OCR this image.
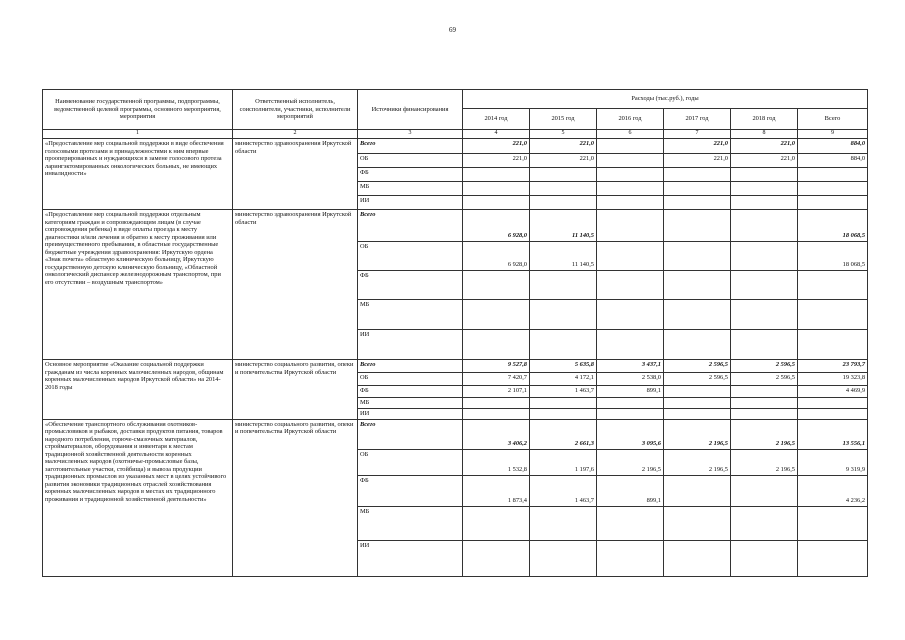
69
Наименование государственной программы, подпрограммы, ведомственной целевой программы, основного мероприятия, мероприятия	Ответственный исполнитель, соисполнители, участники, исполнители мероприятий	Источники финансирования	Расходы (тыс.руб.), годы					
			2014 год	2015 год	2016 год	2017 год	2018 год	Всего
1	2	3	4	5	6	7	8	9
«Предоставление мер социальной поддержки в виде обеспечения голосовыми протезами и принадлежностями к ним впервые прооперированных и нуждающихся в замене голосового протеза ларингэктомированных онкологических больных, не имеющих инвалидности»	министерство здравоохранения Иркутской области	Всего	221,0	221,0		221,0	221,0	884,0
		ОБ	221,0	221,0		221,0	221,0	884,0
		ФБ						
		МБ						
		ИИ						
«Предоставление мер социальной поддержки отдельным категориям граждан и сопровождающим лицам (в случае сопровождения ребенка) в виде оплаты проезда к месту диагностики и/или лечения и обратно к месту проживания или преимущественного пребывания, в областные государственные бюджетные учреждения здравоохранения: Иркутскую ордена «Знак почета» областную клиническую больницу, Иркутскую государственную детскую клиническую больницу, «Областной онкологический диспансер железнодорожным транспортом, при его отсутствии – воздушным транспортом»	министерство здравоохранения Иркутской области	Всего	6 928,0	11 140,5				18 068,5
		ОБ	6 928,0	11 140,5				18 068,5
		ФБ						
		МБ						
		ИИ						
Основное мероприятие «Оказание социальной поддержки гражданам из числа коренных малочисленных народов, общинам коренных малочисленных народов Иркутской области» на 2014-2018 годы	министерство социального развития, опеки и попечительства Иркутской области	Всего	9 527,8	5 635,8	3 437,1	2 596,5	2 596,5	23 793,7
		ОБ	7 420,7	4 172,1	2 538,0	2 596,5	2 596,5	19 323,8
		ФБ	2 107,1	1 463,7	899,1			4 469,9
		МБ						
		ИИ						
«Обеспечение транспортного обслуживания охотников-промысловиков и рыбаков, доставки продуктов питания, товаров народного потребления, горюче-смазочных материалов, стройматериалов, оборудования и инвентаря к местам традиционной хозяйственной деятельности коренных малочисленных народов (охотничье-промысловые базы, заготовительные участки, стойбища) и вывоза продукции традиционных промыслов из указанных мест в целях устойчивого развития экономики традиционных отраслей хозяйствования коренных малочисленных народов в местах их традиционного проживания и традиционной хозяйственной деятельности»	министерство социального развития, опеки и попечительства Иркутской области	Всего	3 406,2	2 661,3	3 095,6	2 196,5	2 196,5	13 556,1
		ОБ	1 532,8	1 197,6	2 196,5	2 196,5	2 196,5	9 319,9
		ФБ	1 873,4	1 463,7	899,1			4 236,2
		МБ						
		ИИ						
